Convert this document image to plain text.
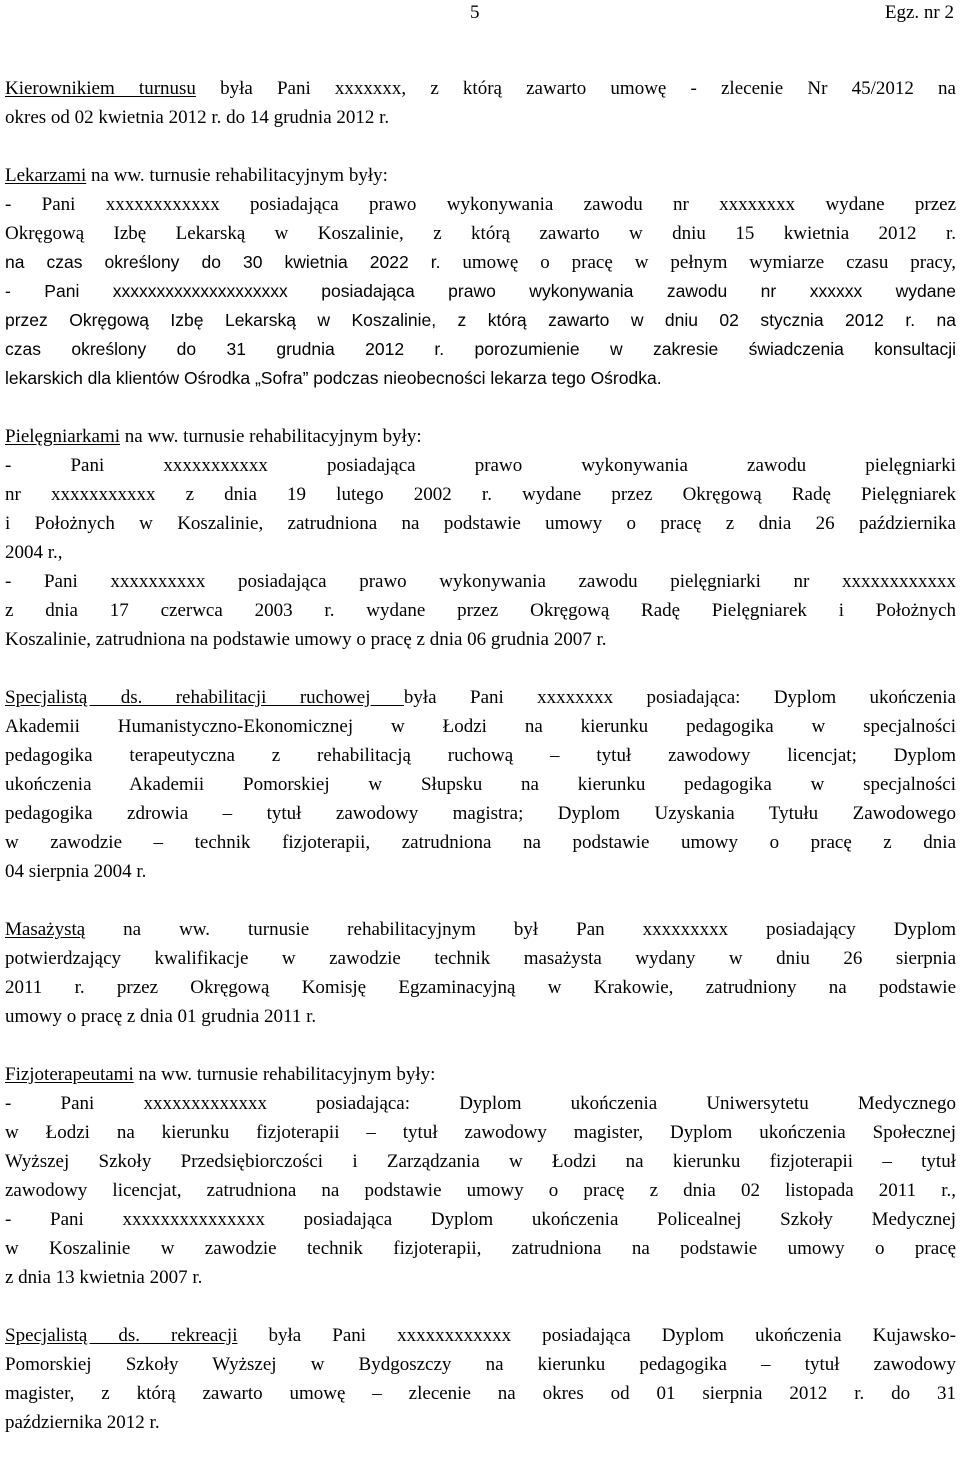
5	Egz. nr 2
Kierownikiem turnusu była Pani xxxxxxx, z którą zawarto umowę - zlecenie Nr 45/2012 na
okres od 02 kwietnia 2012 r. do 14 grudnia 2012 r.
Lekarzami na ww. turnusie rehabilitacyjnym były:
- Pani xxxxxxxxxxxx posiadająca prawo wykonywania zawodu nr xxxxxxxx wydane przez
Okręgową Izbę Lekarską w Koszalinie, z którą zawarto w dniu 15 kwietnia 2012 r.
na czas określony do 30 kwietnia 2022 r. umowę o pracę w pełnym wymiarze czasu pracy,
- Pani xxxxxxxxxxxxxxxxxxxx posiadająca prawo wykonywania zawodu nr xxxxxx wydane
przez Okręgową Izbę Lekarską w Koszalinie, z którą zawarto w dniu 02 stycznia 2012 r. na
czas określony do 31 grudnia 2012 r. porozumienie w zakresie świadczenia konsultacji
lekarskich dla klientów Ośrodka „Sofra” podczas nieobecności lekarza tego Ośrodka.
Pielęgniarkami na ww. turnusie rehabilitacyjnym były:
- Pani xxxxxxxxxxx posiadająca prawo wykonywania zawodu pielęgniarki
nr xxxxxxxxxxx z dnia 19 lutego 2002 r. wydane przez Okręgową Radę Pielęgniarek
i Położnych w Koszalinie, zatrudniona na podstawie umowy o pracę z dnia 26 października
2004 r.,
- Pani xxxxxxxxxx posiadająca prawo wykonywania zawodu pielęgniarki nr xxxxxxxxxxxx
z dnia 17 czerwca 2003 r. wydane przez Okręgową Radę Pielęgniarek i Położnych
Koszalinie, zatrudniona na podstawie umowy o pracę z dnia 06 grudnia 2007 r.
Specjalistą ds. rehabilitacji ruchowej była Pani xxxxxxxx posiadająca: Dyplom ukończenia
Akademii Humanistyczno-Ekonomicznej w Łodzi na kierunku pedagogika w specjalności
pedagogika terapeutyczna z rehabilitacją ruchową – tytuł zawodowy licencjat; Dyplom
ukończenia Akademii Pomorskiej w Słupsku na kierunku pedagogika w specjalności
pedagogika zdrowia – tytuł zawodowy magistra; Dyplom Uzyskania Tytułu Zawodowego
w zawodzie – technik fizjoterapii, zatrudniona na podstawie umowy o pracę z dnia
04 sierpnia 2004 r.
Masażystą na ww. turnusie rehabilitacyjnym był Pan xxxxxxxxx posiadający Dyplom
potwierdzający kwalifikacje w zawodzie technik masażysta wydany w dniu 26 sierpnia
2011 r. przez Okręgową Komisję Egzaminacyjną w Krakowie, zatrudniony na podstawie
umowy o pracę z dnia 01 grudnia 2011 r.
Fizjoterapeutami na ww. turnusie rehabilitacyjnym były:
- Pani xxxxxxxxxxxxx posiadająca: Dyplom ukończenia Uniwersytetu Medycznego
w Łodzi na kierunku fizjoterapii – tytuł zawodowy magister, Dyplom ukończenia Społecznej
Wyższej Szkoły Przedsiębiorczości i Zarządzania w Łodzi na kierunku fizjoterapii – tytuł
zawodowy licencjat, zatrudniona na podstawie umowy o pracę z dnia 02 listopada 2011 r.,
- Pani xxxxxxxxxxxxxxx posiadająca Dyplom ukończenia Policealnej Szkoły Medycznej
w Koszalinie w zawodzie technik fizjoterapii, zatrudniona na podstawie umowy o pracę
z dnia 13 kwietnia 2007 r.
Specjalistą ds. rekreacji była Pani xxxxxxxxxxxx posiadająca Dyplom ukończenia Kujawsko-
Pomorskiej Szkoły Wyższej w Bydgoszczy na kierunku pedagogika – tytuł zawodowy
magister, z którą zawarto umowę – zlecenie na okres od 01 sierpnia 2012 r. do 31
października 2012 r.
